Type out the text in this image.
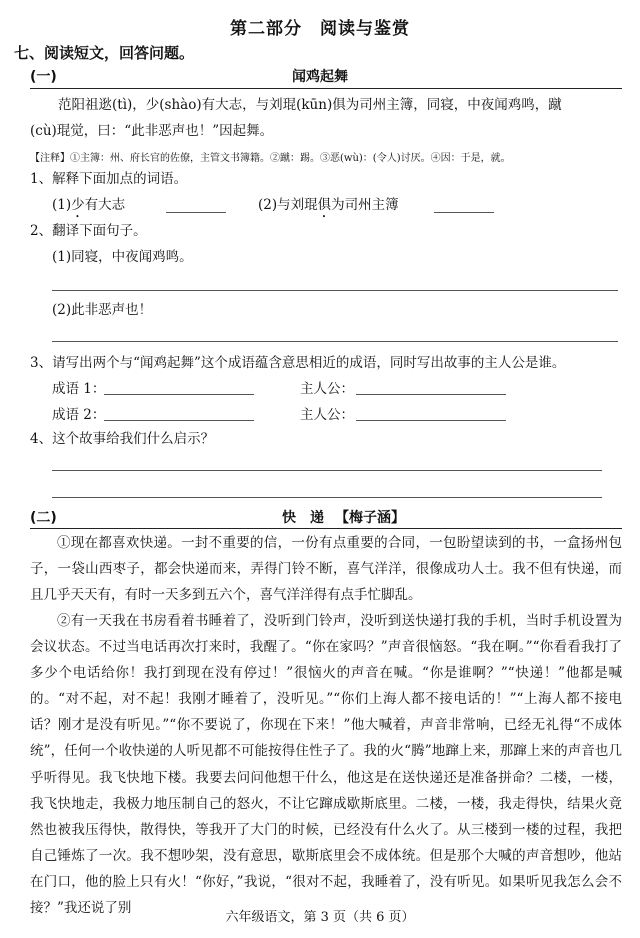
第二部分　阅读与鉴赏
七、阅读短文，回答问题。
(一)	闻鸡起舞
范阳祖逖(tì)，少(shào)有大志，与刘琨(kūn)俱为司州主簿，同寝，中夜闻鸡鸣，蹴
(cù)琨觉，曰：“此非恶声也！”因起舞。
【注释】①主簿：州、府长官的佐僚，主管文书簿籍。②蹴：踢。③恶(wù)：(令人)讨厌。④因：于是，就。
1、解释下面加点的词语。
(1)少有大志	(2)与刘琨俱为司州主簿
2、翻译下面句子。
(1)同寝，中夜闻鸡鸣。
(2)此非恶声也！
3、请写出两个与“闻鸡起舞”这个成语蕴含意思相近的成语，同时写出故事的主人公是谁。
成语 1：	主人公：
成语 2：	主人公：
4、这个故事给我们什么启示？
(二)	快　递 【梅子涵】
①现在都喜欢快递。一封不重要的信，一份有点重要的合同，一包盼望读到的书，一盒扬州包子，一袋山西枣子，都会快递而来，弄得门铃不断，喜气洋洋，很像成功人士。我不但有快递，而且几乎天天有，有时一天多到五六个，喜气洋洋得有点手忙脚乱。
②有一天我在书房看着书睡着了，没听到门铃声，没听到送快递打我的手机，当时手机设置为会议状态。不过当电话再次打来时，我醒了。“你在家吗？”声音很恼怒。“我在啊。”“你看看我打了多少个电话给你！我打到现在没有停过！”很恼火的声音在喊。“你是谁啊？”“快递！”他都是喊的。“对不起，对不起！我刚才睡着了，没听见。”“你们上海人都不接电话的！”“上海人都不接电话？刚才是没有听见。”“你不要说了，你现在下来！”他大喊着，声音非常响，已经无礼得“不成体统”，任何一个收快递的人听见都不可能按得住性子了。我的火“腾”地蹿上来，那蹿上来的声音也几乎听得见。我飞快地下楼。我要去问问他想干什么，他这是在送快递还是准备拼命？二楼，一楼，我飞快地走，我极力地压制自己的怒火，不让它蹿成歇斯底里。二楼，一楼，我走得快，结果火竟然也被我压得快，散得快，等我开了大门的时候，已经没有什么火了。从三楼到一楼的过程，我把自己锤炼了一次。我不想吵架，没有意思，歇斯底里会不成体统。但是那个大喊的声音想吵，他站在门口，他的脸上只有火！“你好，”我说，“很对不起，我睡着了，没有听见。如果听见我怎么会不接？”我还说了别
六年级语文，第 3 页（共 6 页）
